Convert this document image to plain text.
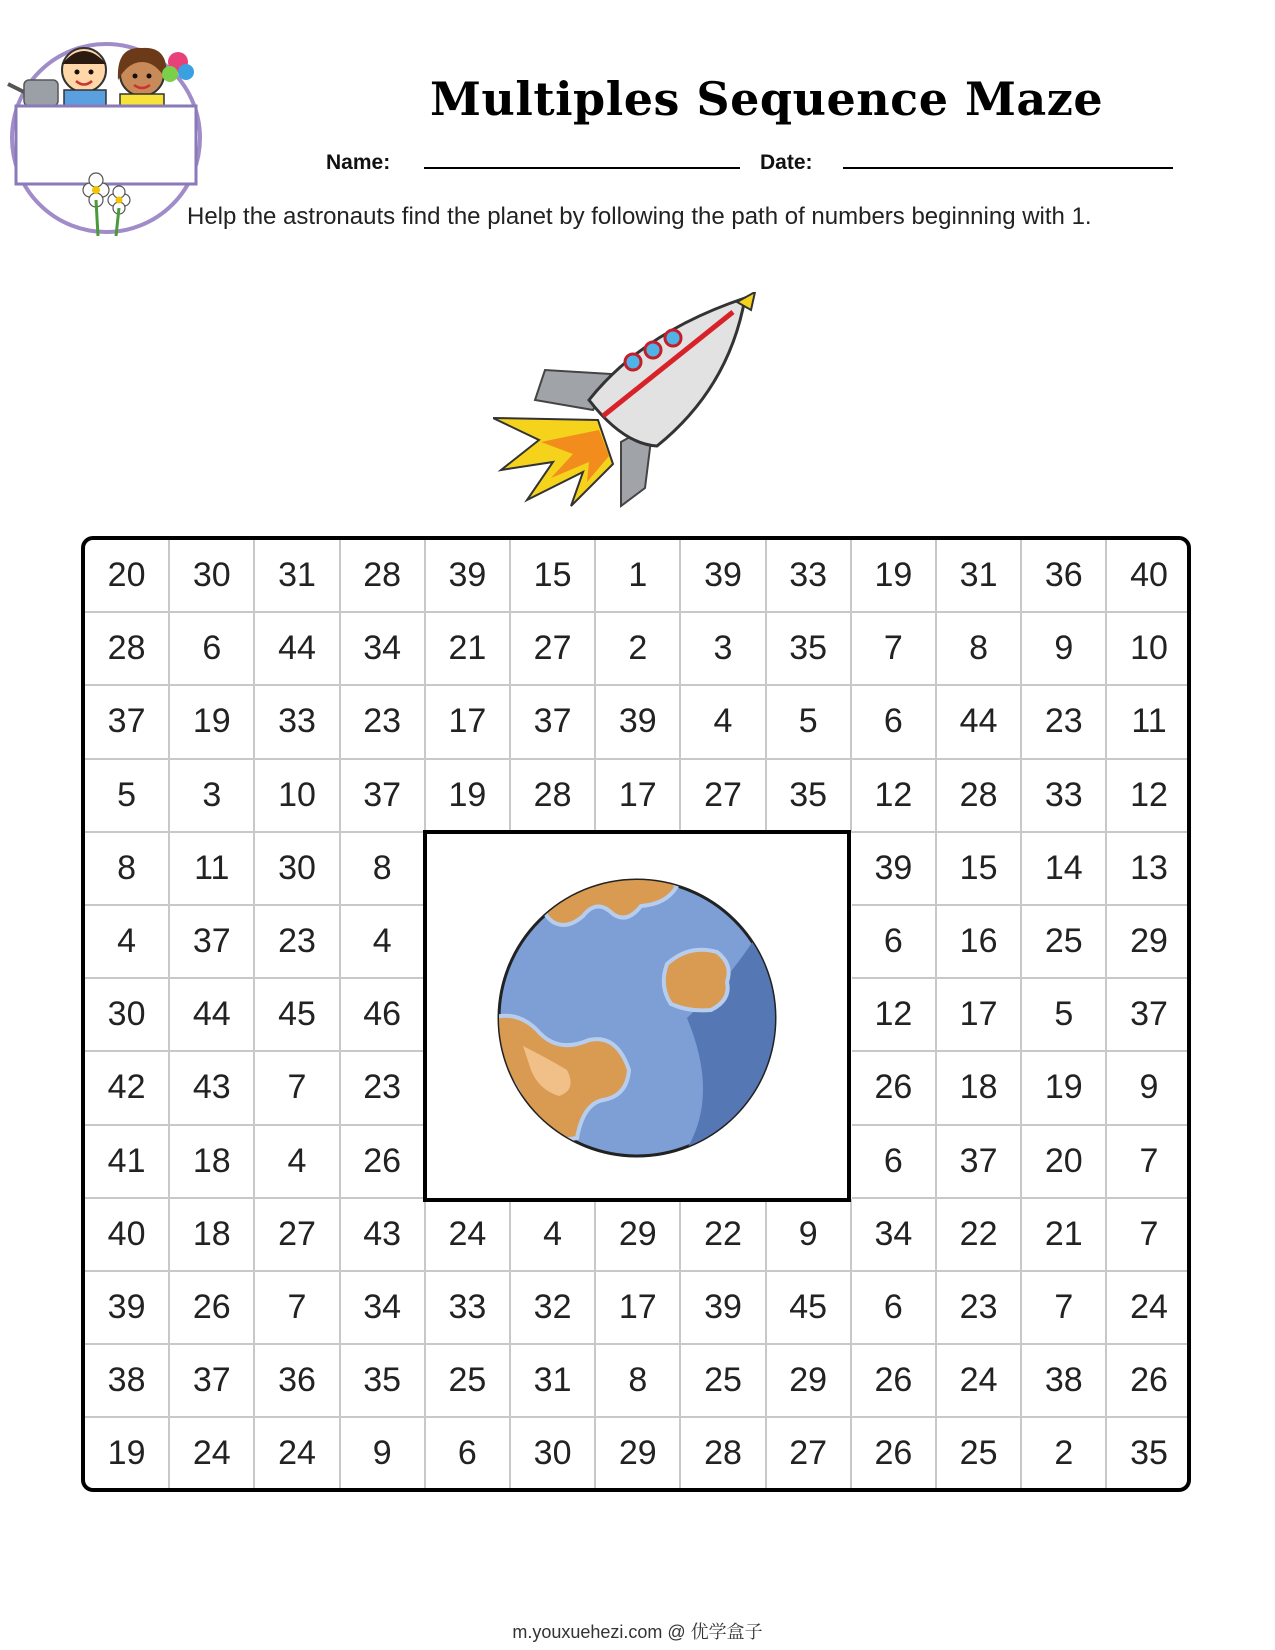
Multiples Sequence Maze
Name:	Date:
Help the astronauts find the planet by following the path of numbers beginning with 1.
20	30	31	28	39	15	1	39	33	19	31	36	40
28	6	44	34	21	27	2	3	35	7	8	9	10
37	19	33	23	17	37	39	4	5	6	44	23	11
5	3	10	37	19	28	17	27	35	12	28	33	12
8	11	30	8	39	15	14	13
4	37	23	4	6	16	25	29
30	44	45	46	12	17	5	37
42	43	7	23	26	18	19	9
41	18	4	26	6	37	20	7
40	18	27	43	24	4	29	22	9	34	22	21	7
39	26	7	34	33	32	17	39	45	6	23	7	24
38	37	36	35	25	31	8	25	29	26	24	38	26
19	24	24	9	6	30	29	28	27	26	25	2	35
m.youxuehezi.com @ 优学盒子
